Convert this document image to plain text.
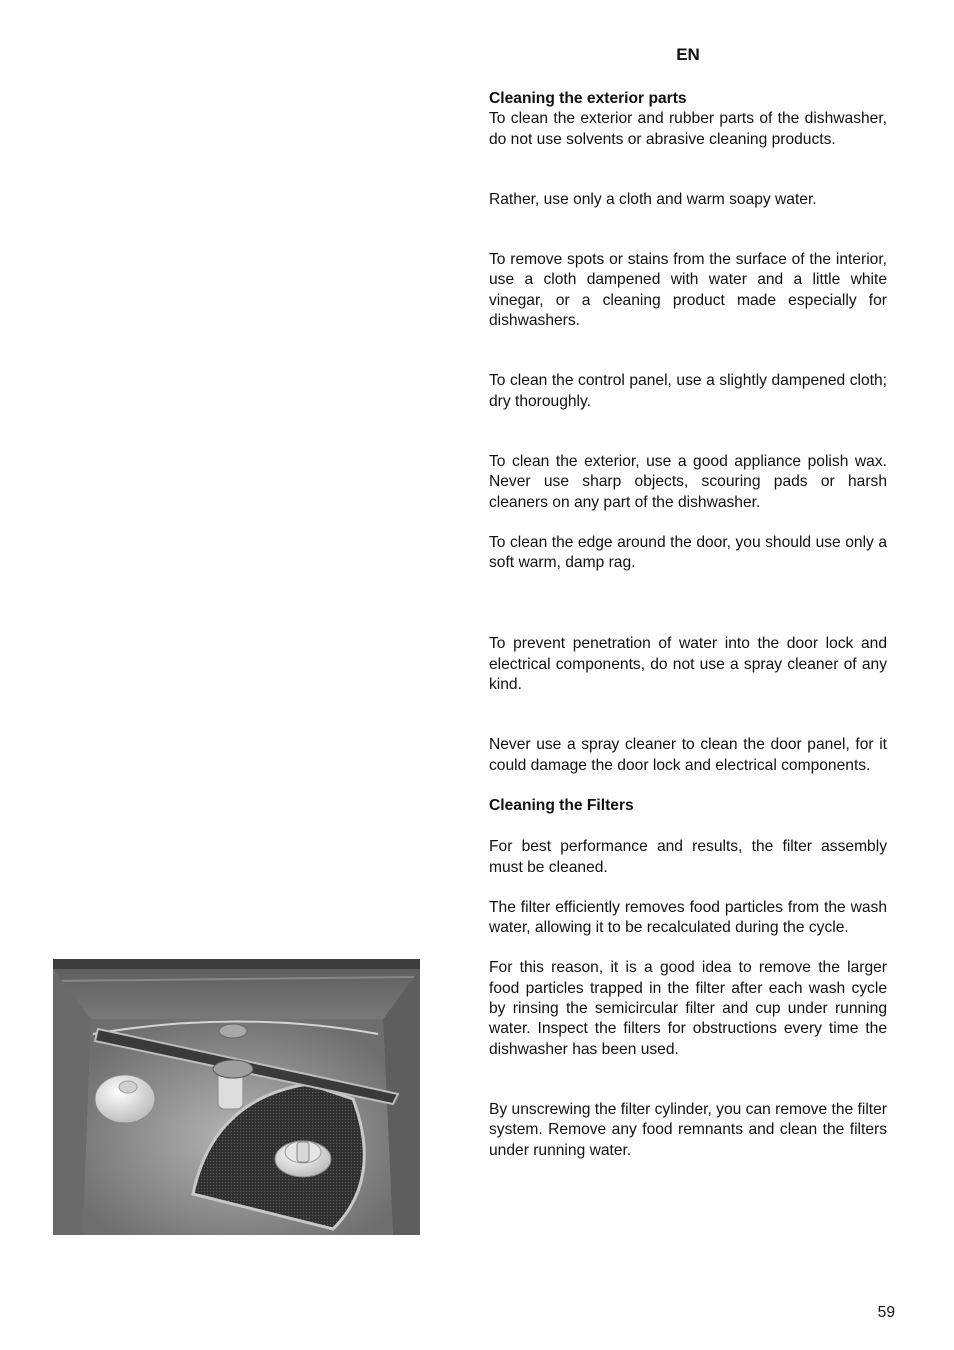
EN
Cleaning the exterior parts

To clean the exterior and rubber parts of the dishwasher, do not use solvents or abrasive cleaning products.

Rather, use only a cloth and warm soapy water.

To remove spots or stains from the surface of the interior, use a cloth dampened with water and a little white vinegar, or a cleaning product made especially for dishwashers.

To clean the control panel, use a slightly dampened cloth; dry thoroughly.

To clean the exterior, use a good appliance polish wax. Never use sharp objects, scouring pads or harsh cleaners on any part of the dishwasher.

To clean the edge around the door, you should use only a soft warm, damp rag.

To prevent penetration of water into the door lock and electrical components, do not use a spray cleaner of any kind.

Never use a spray cleaner to clean the door panel, for it could damage the door lock and electrical components.

Cleaning the Filters

For best performance and results, the filter assembly must be cleaned.

The filter efficiently removes food particles from the wash water, allowing it to be recalculated during the cycle.

For this reason, it is a good idea to remove the larger food particles trapped in the filter after each wash cycle by rinsing the semicircular filter and cup under running water. Inspect the filters for obstructions every time the dishwasher has been used.

By unscrewing the filter cylinder, you can remove the filter system. Remove any food remnants and clean the filters under running water.

59
